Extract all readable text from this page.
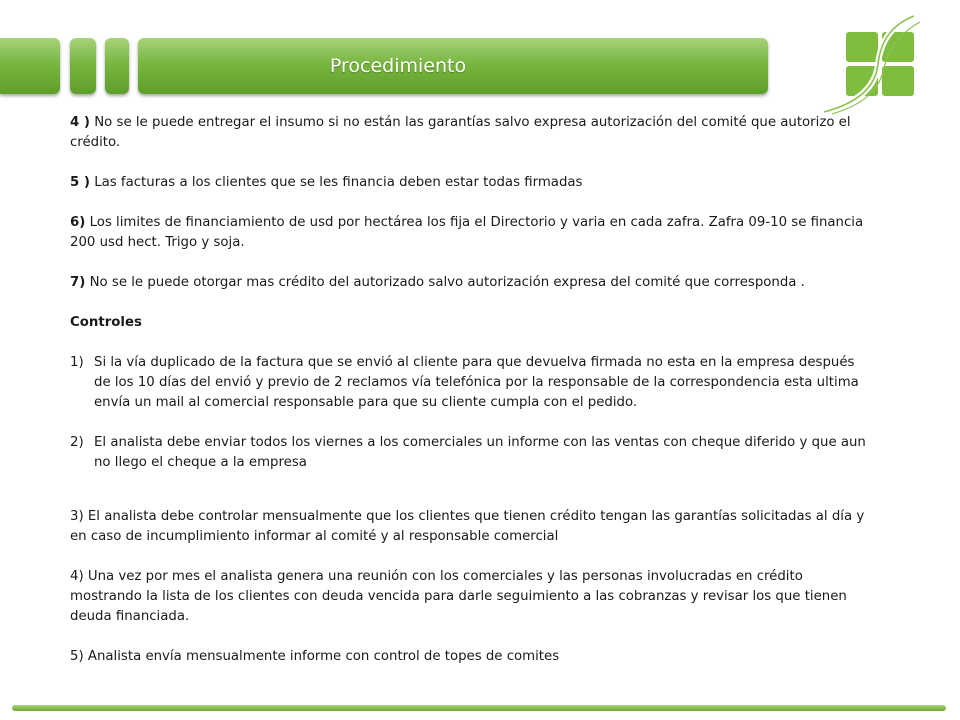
Procedimiento

4 ) No se le puede entregar el insumo si no están las garantías salvo expresa autorización del comité que autorizo el crédito.

5 ) Las facturas a los clientes que se les financia deben estar todas firmadas

6) Los limites de financiamiento de usd por hectárea los fija el Directorio y varia en cada zafra. Zafra 09-10 se financia 200 usd hect. Trigo y soja.

7) No se le puede otorgar mas crédito del autorizado salvo autorización expresa del comité que corresponda .

Controles

1) Si la vía duplicado de la factura que se envió al cliente para que devuelva firmada no esta en la empresa después de los 10 días del envió y previo de 2 reclamos vía telefónica por la responsable de la correspondencia esta ultima envía un mail al comercial responsable para que su cliente cumpla con el pedido.
2) El analista debe enviar todos los viernes a los comerciales un informe con las ventas con cheque diferido y que aun no llego el cheque a la empresa

3) El analista debe controlar mensualmente que los clientes que tienen crédito tengan las garantías solicitadas al día y en caso de incumplimiento informar al comité y al responsable comercial

4) Una vez por mes el analista genera una reunión con los comerciales y las personas involucradas en crédito mostrando la lista de los clientes con deuda vencida para darle seguimiento a las cobranzas y revisar los que tienen deuda financiada.

5) Analista envía mensualmente informe con control de topes de comites
